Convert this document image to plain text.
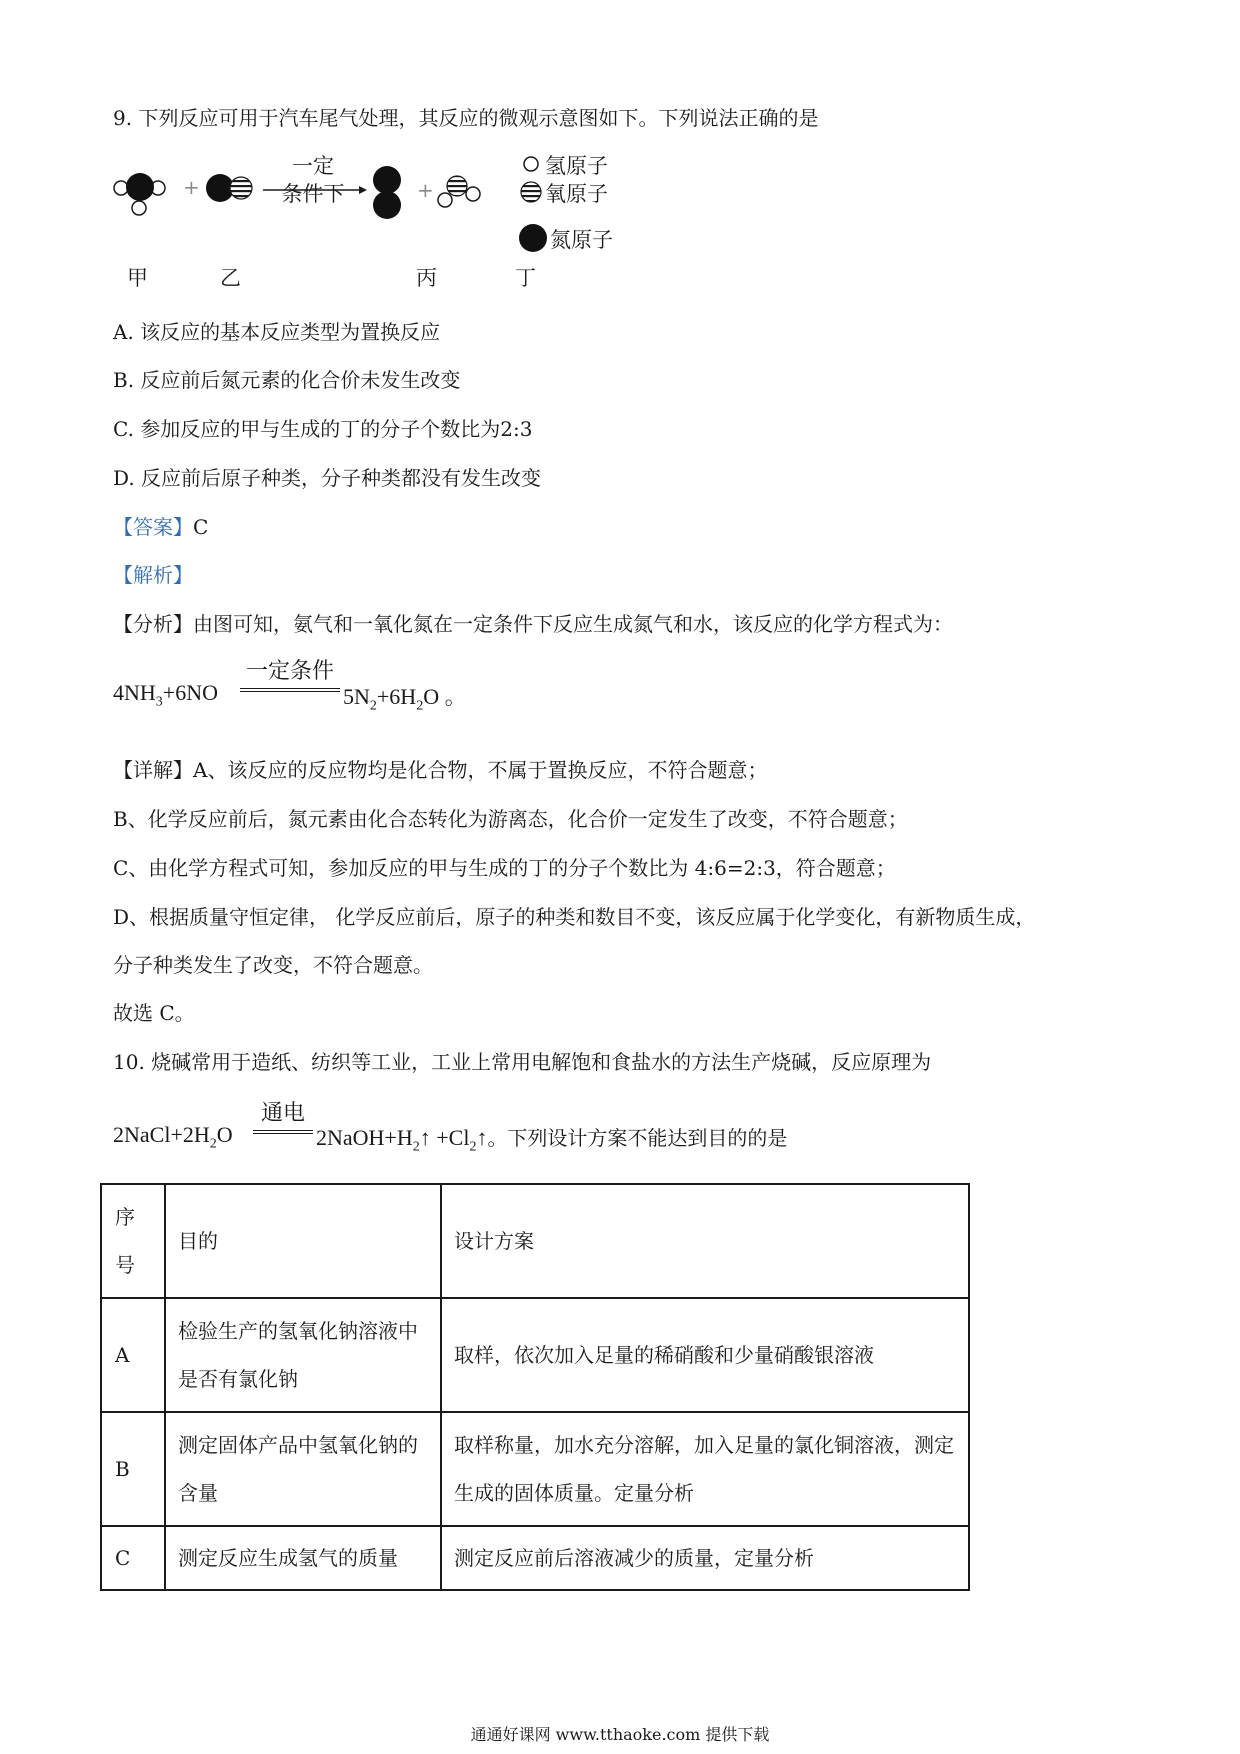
9. 下列反应可用于汽车尾气处理，其反应的微观示意图如下。下列说法正确的是
+	+
一定
条件下
氢原子
氧原子
氮原子
甲	乙	丙	丁
A. 该反应的基本反应类型为置换反应
B. 反应前后氮元素的化合价未发生改变
C. 参加反应的甲与生成的丁的分子个数比为2:3
D. 反应前后原子种类，分子种类都没有发生改变
【答案】C
【解析】
【分析】由图可知，氨气和一氧化氮在一定条件下反应生成氮气和水，该反应的化学方程式为：
一定条件
$4NH_3+6NO$	$5N_2+6H_2O$ 。
【详解】A、该反应的反应物均是化合物，不属于置换反应，不符合题意；
B、化学反应前后，氮元素由化合态转化为游离态，化合价一定发生了改变，不符合题意；
C、由化学方程式可知，参加反应的甲与生成的丁的分子个数比为 4:6=2:3，符合题意；
D、根据质量守恒定律， 化学反应前后，原子的种类和数目不变，该反应属于化学变化，有新物质生成，
分子种类发生了改变，不符合题意。
故选 C。
10. 烧碱常用于造纸、纺织等工业，工业上常用电解饱和食盐水的方法生产烧碱，反应原理为
通电
$2NaCl+2H_2O$	$2NaOH+H_2↑$ $+Cl_2↑$。下列设计方案不能达到目的的是
序号	目的	设计方案
A	检验生产的氢氧化钠溶液中是否有氯化钠	取样，依次加入足量的稀硝酸和少量硝酸银溶液
B	测定固体产品中氢氧化钠的含量	取样称量，加水充分溶解，加入足量的氯化铜溶液，测定生成的固体质量。定量分析
C	测定反应生成氢气的质量	测定反应前后溶液减少的质量，定量分析
通通好课网 www.tthaoke.com 提供下载
